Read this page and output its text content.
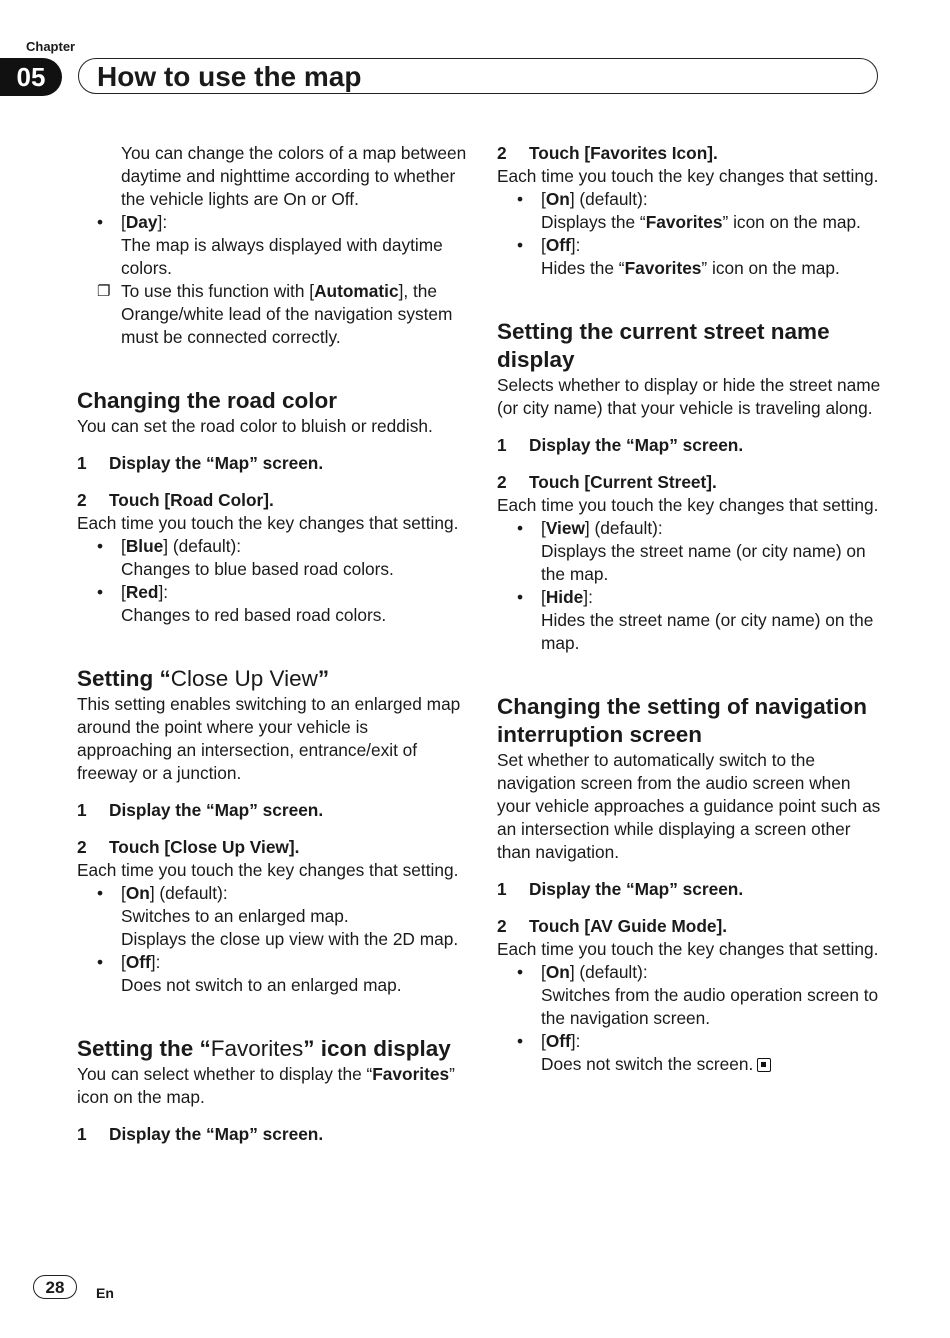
Chapter
05	How to use the map

You can change the colors of a map between daytime and nighttime according to whether the vehicle lights are On or Off.

• [Day]:

The map is always displayed with daytime colors.

❐ To use this function with [Automatic], the Orange/white lead of the navigation system must be connected correctly.
Changing the road color

You can set the road color to bluish or reddish.

1 Display the “Map” screen.

2 Touch [Road Color].

Each time you touch the key changes that setting.

• [Blue] (default):

Changes to blue based road colors.

• [Red]:

Changes to red based road colors.

Setting “Close Up View”

This setting enables switching to an enlarged map around the point where your vehicle is approaching an intersection, entrance/exit of freeway or a junction.

1 Display the “Map” screen.

2 Touch [Close Up View].

Each time you touch the key changes that setting.

• [On] (default):

Switches to an enlarged map.

Displays the close up view with the 2D map.

• [Off]:

Does not switch to an enlarged map.

Setting the “Favorites” icon display

You can select whether to display the “Favorites” icon on the map.

1 Display the “Map” screen.

2 Touch [Favorites Icon].

Each time you touch the key changes that setting.

• [On] (default):

Displays the “Favorites” icon on the map.

• [Off]:

Hides the “Favorites” icon on the map.

Setting the current street name display

Selects whether to display or hide the street name (or city name) that your vehicle is traveling along.

1 Display the “Map” screen.

2 Touch [Current Street].

Each time you touch the key changes that setting.

• [View] (default):

Displays the street name (or city name) on the map.

• [Hide]:

Hides the street name (or city name) on the map.

Changing the setting of navigation interruption screen

Set whether to automatically switch to the navigation screen from the audio screen when your vehicle approaches a guidance point such as an intersection while displaying a screen other than navigation.

1 Display the “Map” screen.

2 Touch [AV Guide Mode].

Each time you touch the key changes that setting.

• [On] (default):

Switches from the audio operation screen to the navigation screen.

• [Off]:

Does not switch the screen.

28	En
